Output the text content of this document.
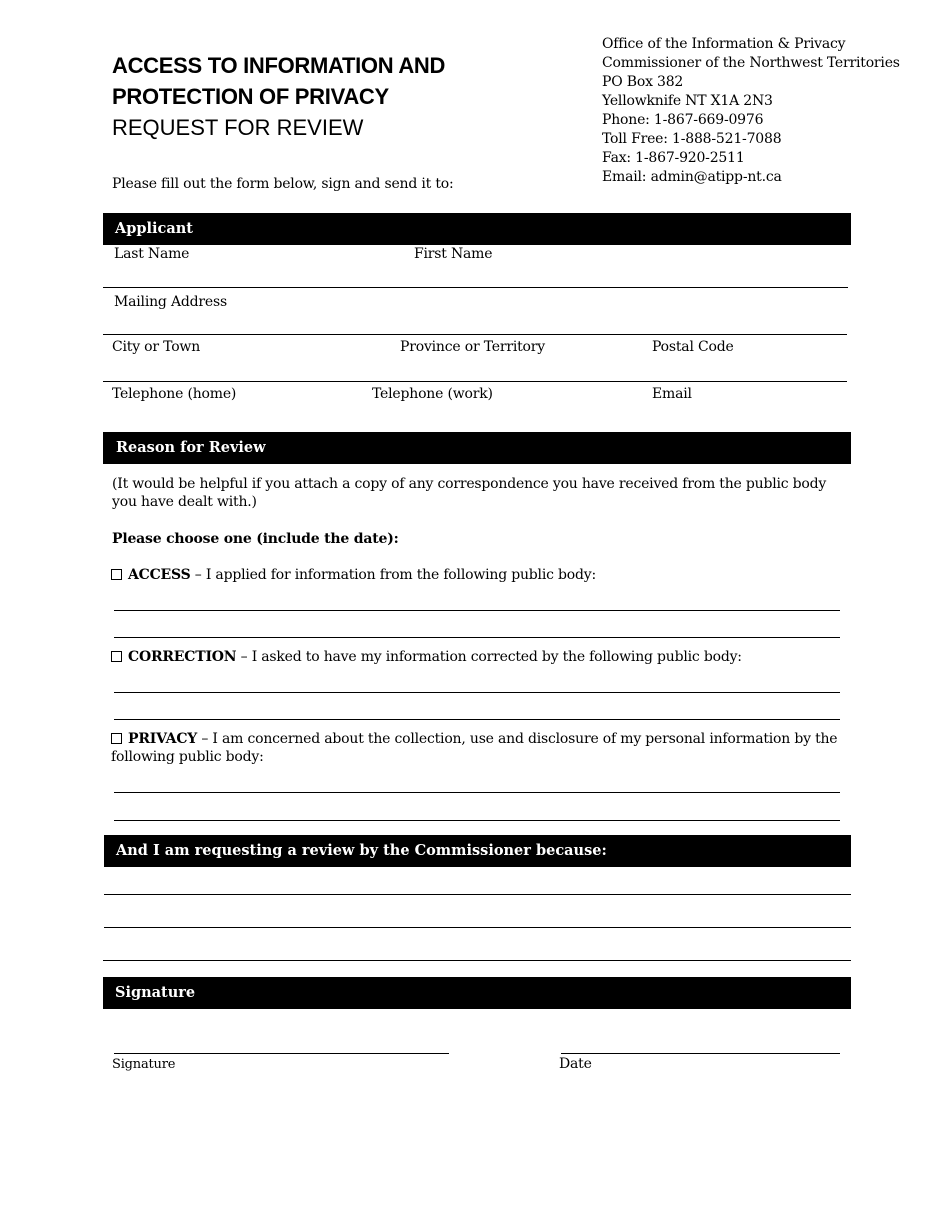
ACCESS TO INFORMATION AND
PROTECTION OF PRIVACY
REQUEST FOR REVIEW
Office of the Information & Privacy
Commissioner of the Northwest Territories
PO Box 382
Yellowknife NT X1A 2N3
Phone: 1-867-669-0976
Toll Free: 1-888-521-7088
Fax: 1-867-920-2511
Email: admin@atipp-nt.ca
Please fill out the form below, sign and send it to:
Applicant
Last Name	First Name
Mailing Address
City or Town	Province or Territory	Postal Code
Telephone (home)	Telephone (work)	Email
Reason for Review
(It would be helpful if you attach a copy of any correspondence you have received from the public body you have dealt with.)
Please choose one (include the date):
ACCESS – I applied for information from the following public body:
CORRECTION – I asked to have my information corrected by the following public body:
PRIVACY – I am concerned about the collection, use and disclosure of my personal information by the following public body:
And I am requesting a review by the Commissioner because:
Signature
Signature	Date
